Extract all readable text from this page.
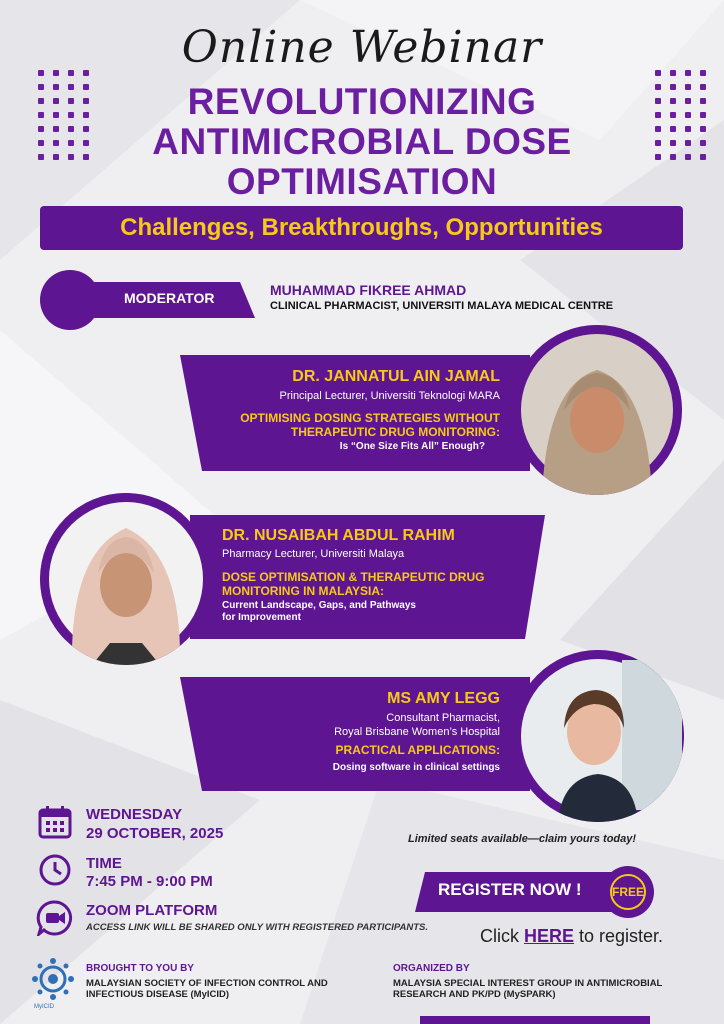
Online Webinar
REVOLUTIONIZING
ANTIMICROBIAL DOSE
OPTIMISATION
Challenges, Breakthroughs, Opportunities
MODERATOR	MUHAMMAD FIKREE AHMAD
CLINICAL PHARMACIST, UNIVERSITI MALAYA MEDICAL CENTRE
DR. JANNATUL AIN JAMAL
Principal Lecturer, Universiti Teknologi MARA
OPTIMISING DOSING STRATEGIES WITHOUT
THERAPEUTIC DRUG MONITORING:
Is “One Size Fits All” Enough?
DR. NUSAIBAH ABDUL RAHIM
Pharmacy Lecturer, Universiti Malaya
DOSE OPTIMISATION & THERAPEUTIC DRUG
MONITORING IN MALAYSIA:
Current Landscape, Gaps, and Pathways
for Improvement
MS AMY LEGG
Consultant Pharmacist,
Royal Brisbane Women’s Hospital
PRACTICAL APPLICATIONS:
Dosing software in clinical settings
WEDNESDAY
29 OCTOBER, 2025
TIME
7:45 PM - 9:00 PM
ZOOM PLATFORM
ACCESS LINK WILL BE SHARED ONLY WITH REGISTERED PARTICIPANTS.
Limited seats available—claim yours today!
REGISTER NOW !	FREE
Click HERE to register.
MyICID
BROUGHT TO YOU BY
MALAYSIAN SOCIETY OF INFECTION CONTROL AND
INFECTIOUS DISEASE (MyICID)
ORGANIZED BY
MALAYSIA SPECIAL INTEREST GROUP IN ANTIMICROBIAL
RESEARCH AND PK/PD (MySPARK)
